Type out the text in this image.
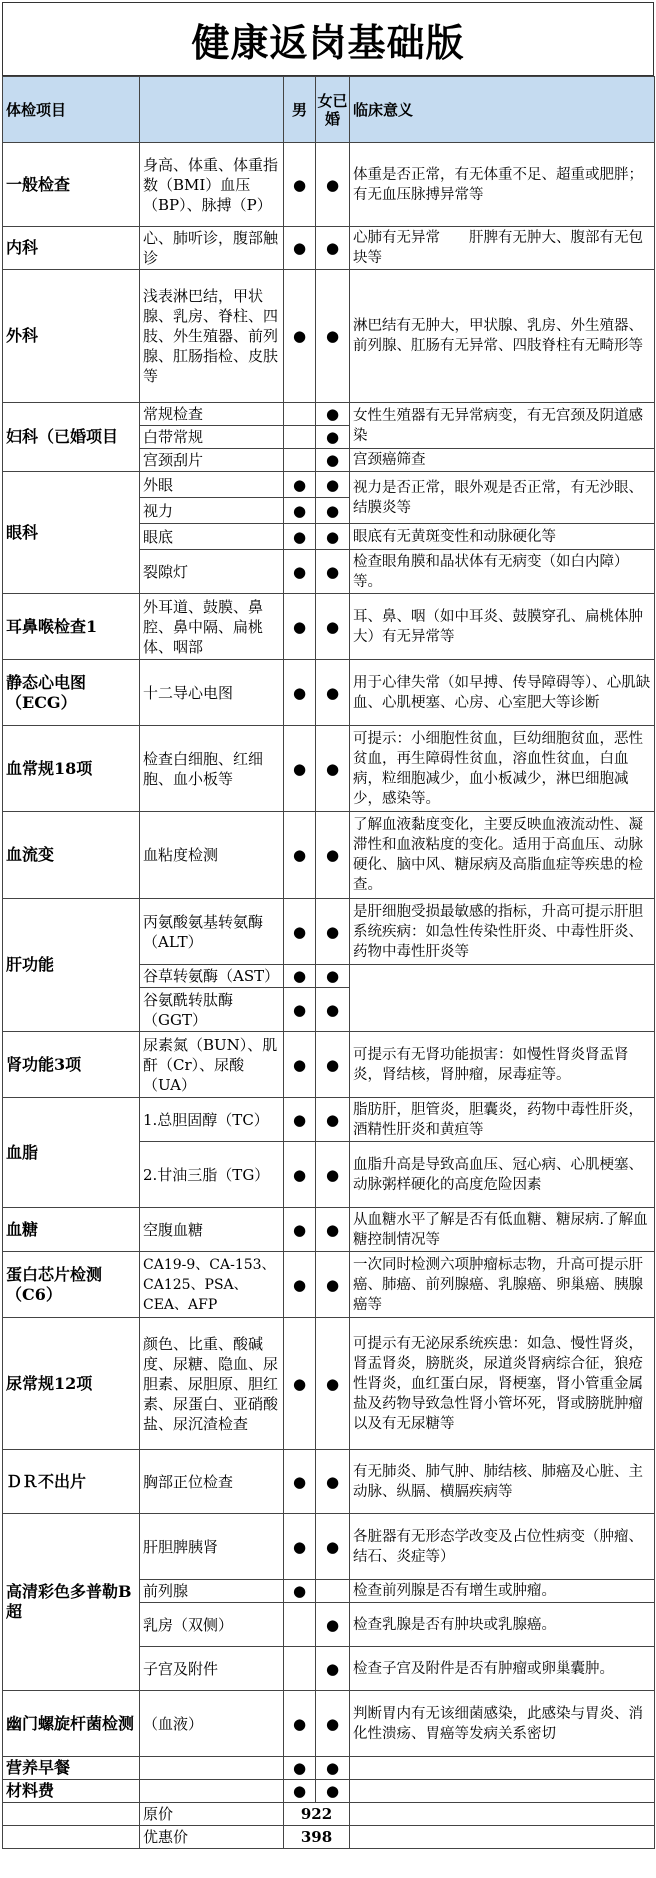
健康返岗基础版
体检项目		男	女已婚	临床意义
一般检查	身高、体重、体重指数（BMI）血压（BP）、脉搏（P）	●	●	体重是否正常，有无体重不足、超重或肥胖；有无血压脉搏异常等
内科	心、肺听诊，腹部触诊	●	●	心肺有无异常　　肝脾有无肿大、腹部有无包块等
外科	浅表淋巴结，甲状腺、乳房、脊柱、四肢、外生殖器、前列腺、肛肠指检、皮肤等	●	●	淋巴结有无肿大，甲状腺、乳房、外生殖器、前列腺、肛肠有无异常、四肢脊柱有无畸形等
妇科（已婚项目	常规检查		●	女性生殖器有无异常病变，有无宫颈及阴道感染
	白带常规		●	
	宫颈刮片		●	宫颈癌筛查
眼科	外眼	●	●	视力是否正常，眼外观是否正常，有无沙眼、结膜炎等
	视力	●	●	
	眼底	●	●	眼底有无黄斑变性和动脉硬化等
	裂隙灯	●	●	检查眼角膜和晶状体有无病变（如白内障）等。
耳鼻喉检查1	外耳道、鼓膜、鼻腔、鼻中隔、扁桃体、咽部	●	●	耳、鼻、咽（如中耳炎、鼓膜穿孔、扁桃体肿大）有无异常等
静态心电图（ECG）	十二导心电图	●	●	用于心律失常（如早搏、传导障碍等）、心肌缺血、心肌梗塞、心房、心室肥大等诊断
血常规18项	检查白细胞、红细胞、血小板等	●	●	可提示：小细胞性贫血，巨幼细胞贫血，恶性贫血，再生障碍性贫血，溶血性贫血，白血病，粒细胞减少，血小板减少，淋巴细胞减少，感染等。
血流变	血粘度检测	●	●	了解血液黏度变化，主要反映血液流动性、凝滞性和血液粘度的变化。适用于高血压、动脉硬化、脑中风、糖尿病及高脂血症等疾患的检查。
肝功能	丙氨酸氨基转氨酶（ALT）	●	●	是肝细胞受损最敏感的指标，升高可提示肝胆系统疾病：如急性传染性肝炎、中毒性肝炎、药物中毒性肝炎等
	谷草转氨酶（AST）	●	●	
	谷氨酰转肽酶（GGT）	●	●	
肾功能3项	尿素氮（BUN）、肌酐（Cr）、尿酸（UA）	●	●	可提示有无肾功能损害：如慢性肾炎肾盂肾炎，肾结核，肾肿瘤，尿毒症等。
血脂	1.总胆固醇（TC）	●	●	脂肪肝，胆管炎，胆囊炎，药物中毒性肝炎，酒精性肝炎和黄疸等
	2.甘油三脂（TG）	●	●	血脂升高是导致高血压、冠心病、心肌梗塞、动脉粥样硬化的高度危险因素
血糖	空腹血糖	●	●	从血糖水平了解是否有低血糖、糖尿病.了解血糖控制情况等
蛋白芯片检测（C6）	CA19-9、CA-153、CA125、PSA、CEA、AFP	●	●	一次同时检测六项肿瘤标志物，升高可提示肝癌、肺癌、前列腺癌、乳腺癌、卵巢癌、胰腺癌等
尿常规12项	颜色、比重、酸碱度、尿糖、隐血、尿胆素、尿胆原、胆红素、尿蛋白、亚硝酸盐、尿沉渣检查	●	●	可提示有无泌尿系统疾患：如急、慢性肾炎，肾盂肾炎，膀胱炎，尿道炎肾病综合征，狼疮性肾炎，血红蛋白尿，肾梗塞，肾小管重金属盐及药物导致急性肾小管坏死，肾或膀胱肿瘤以及有无尿糖等
ＤＲ不出片	胸部正位检查	●	●	有无肺炎、肺气肿、肺结核、肺癌及心脏、主动脉、纵膈、横膈疾病等
高清彩色多普勒B超	肝胆脾胰肾	●	●	各脏器有无形态学改变及占位性病变（肿瘤、结石、炎症等）
	前列腺	●		检查前列腺是否有增生或肿瘤。
	乳房（双侧）		●	检查乳腺是否有肿块或乳腺癌。
	子宫及附件		●	检查子宫及附件是否有肿瘤或卵巢囊肿。
幽门螺旋杆菌检测	（血液）	●	●	判断胃内有无该细菌感染，此感染与胃炎、消化性溃疡、胃癌等发病关系密切
营养早餐		●	●	
材料费		●	●	
	原价	922		
	优惠价	398		
